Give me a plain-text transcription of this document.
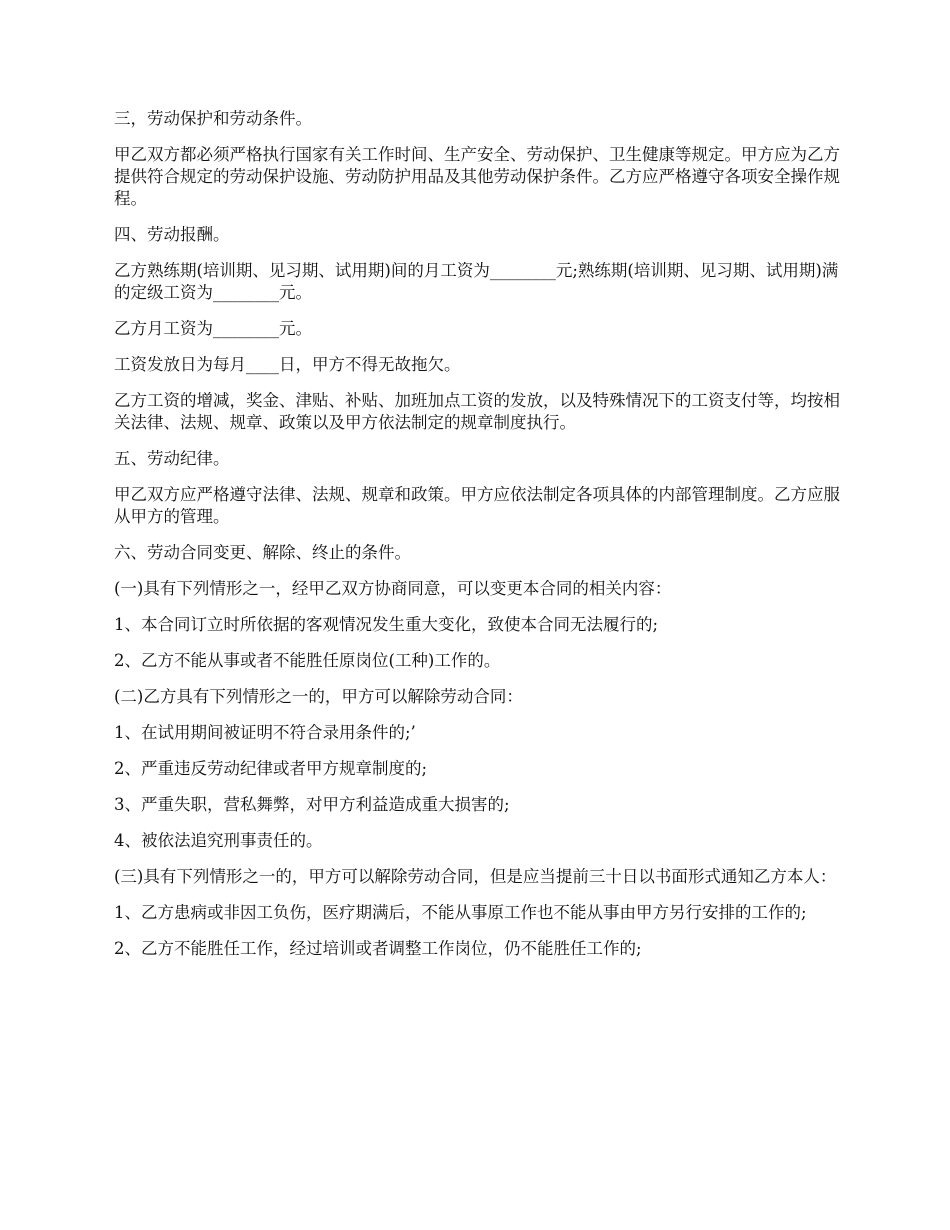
三，劳动保护和劳动条件。

甲乙双方都必须严格执行国家有关工作时间、生产安全、劳动保护、卫生健康等规定。甲方应为乙方提供符合规定的劳动保护设施、劳动防护用品及其他劳动保护条件。乙方应严格遵守各项安全操作规程。

四、劳动报酬。

乙方熟练期(培训期、见习期、试用期)间的月工资为________元;熟练期(培训期、见习期、试用期)满的定级工资为________元。

乙方月工资为________元。

工资发放日为每月____日，甲方不得无故拖欠。

乙方工资的增减，奖金、津贴、补贴、加班加点工资的发放，以及特殊情况下的工资支付等，均按相关法律、法规、规章、政策以及甲方依法制定的规章制度执行。

五、劳动纪律。

甲乙双方应严格遵守法律、法规、规章和政策。甲方应依法制定各项具体的内部管理制度。乙方应服从甲方的管理。

六、劳动合同变更、解除、终止的条件。

(一)具有下列情形之一，经甲乙双方协商同意，可以变更本合同的相关内容：

1、本合同订立时所依据的客观情况发生重大变化，致使本合同无法履行的;

2、乙方不能从事或者不能胜任原岗位(工种)工作的。

(二)乙方具有下列情形之一的，甲方可以解除劳动合同：

1、在试用期间被证明不符合录用条件的;’

2、严重违反劳动纪律或者甲方规章制度的;

3、严重失职，营私舞弊，对甲方利益造成重大损害的;

4、被依法追究刑事责任的。

(三)具有下列情形之一的，甲方可以解除劳动合同，但是应当提前三十日以书面形式通知乙方本人：

1、乙方患病或非因工负伤，医疗期满后，不能从事原工作也不能从事由甲方另行安排的工作的;

2、乙方不能胜任工作，经过培训或者调整工作岗位，仍不能胜任工作的;
